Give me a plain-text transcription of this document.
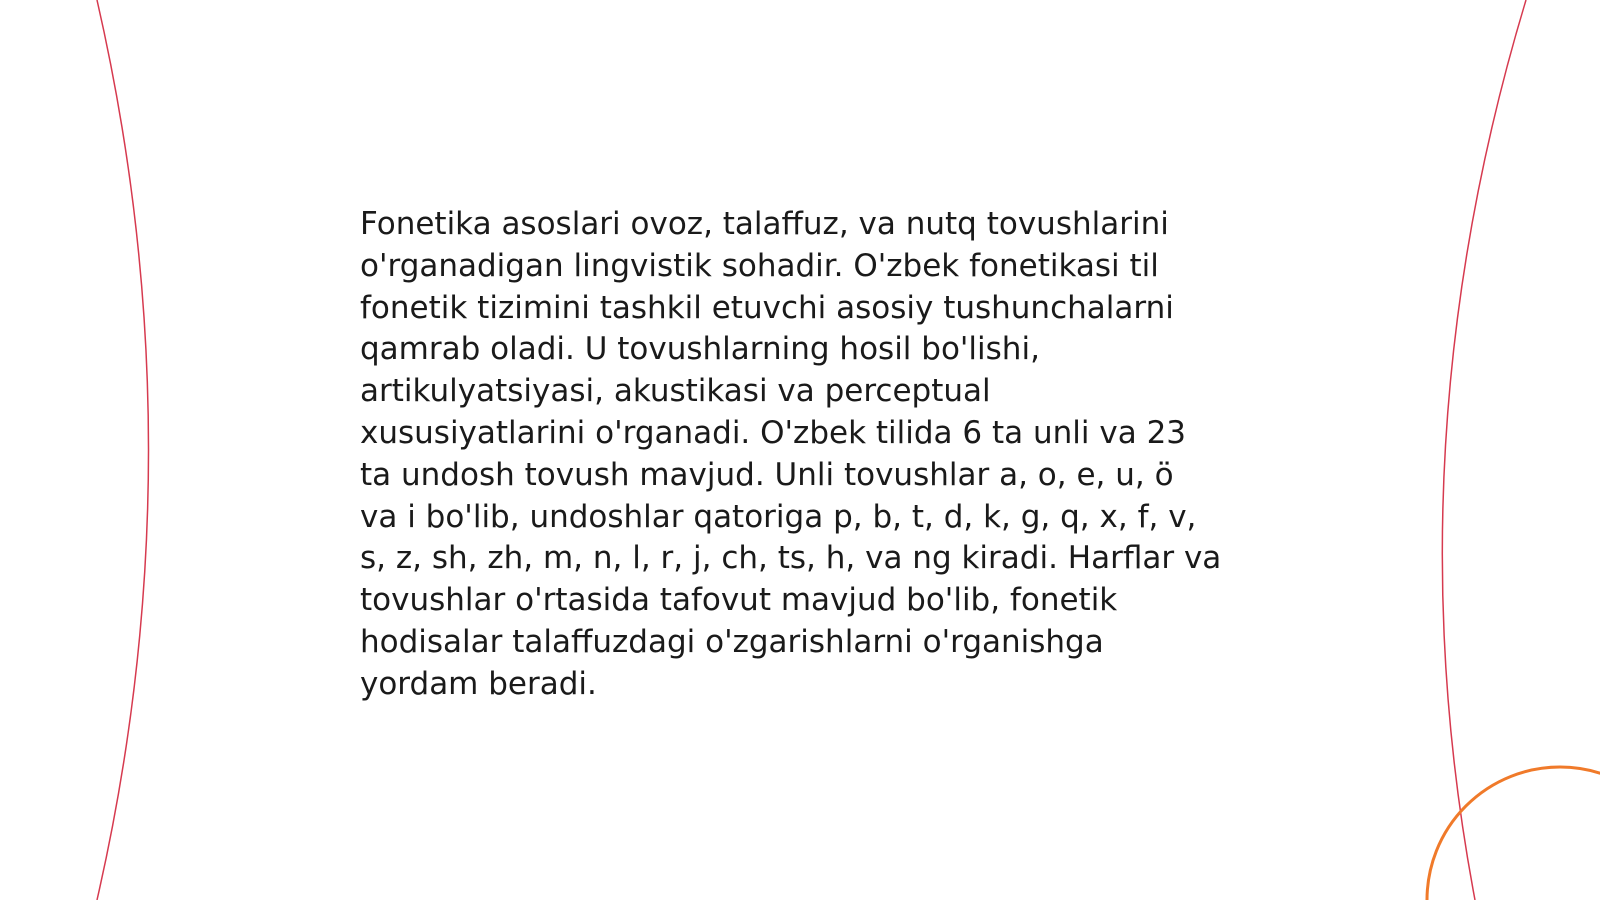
Fonetika asoslari ovoz, talaffuz, va nutq tovushlarini
o'rganadigan lingvistik sohadir. O'zbek fonetikasi til
fonetik tizimini tashkil etuvchi asosiy tushunchalarni
qamrab oladi. U tovushlarning hosil bo'lishi,
artikulyatsiyasi, akustikasi va perceptual
xususiyatlarini o'rganadi. O'zbek tilida 6 ta unli va 23
ta undosh tovush mavjud. Unli tovushlar a, o, e, u, ö
va i bo'lib, undoshlar qatoriga p, b, t, d, k, g, q, x, f, v,
s, z, sh, zh, m, n, l, r, j, ch, ts, h, va ng kiradi. Harflar va
tovushlar o'rtasida tafovut mavjud bo'lib, fonetik
hodisalar talaffuzdagi o'zgarishlarni o'rganishga
yordam beradi.
